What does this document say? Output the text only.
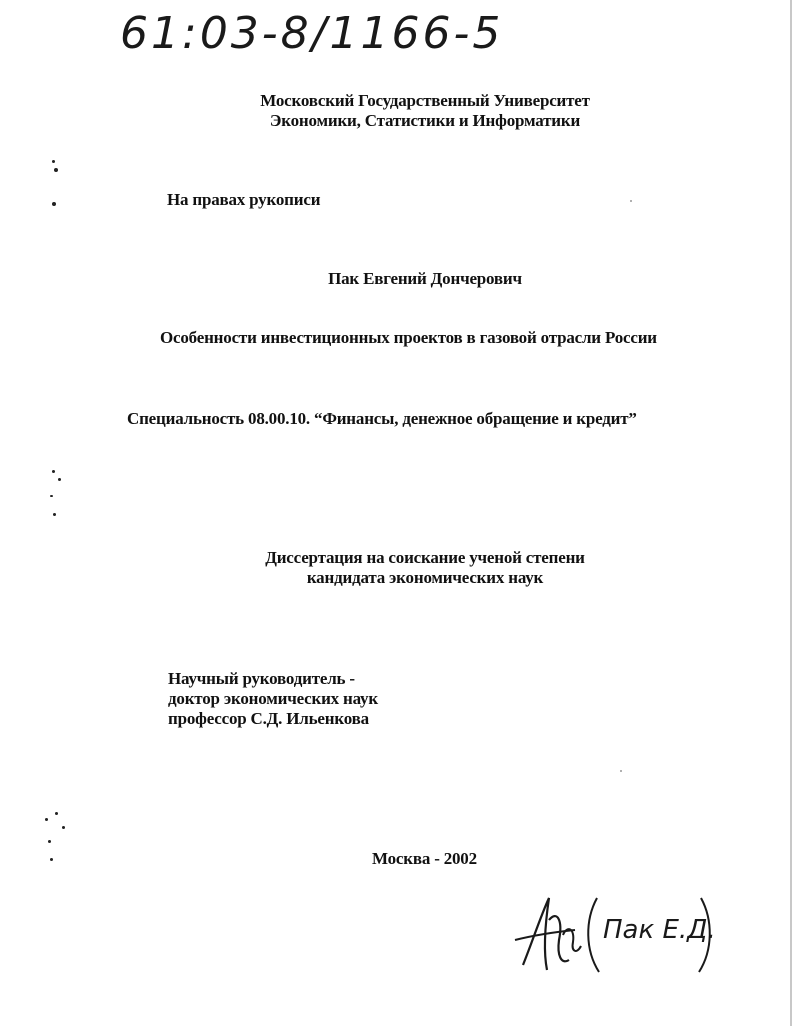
61:03-8/1166-5
Московский Государственный Университет
Экономики, Статистики и Информатики
На правах рукописи
Пак Евгений Дончерович
Особенности инвестиционных проектов в газовой отрасли России
Специальность 08.00.10. “Финансы, денежное обращение и кредит”
Диссертация на соискание ученой степени
кандидата экономических наук
Научный руководитель -
доктор экономических наук
профессор С.Д. Ильенкова
Москва - 2002
Пак Е.Д.
